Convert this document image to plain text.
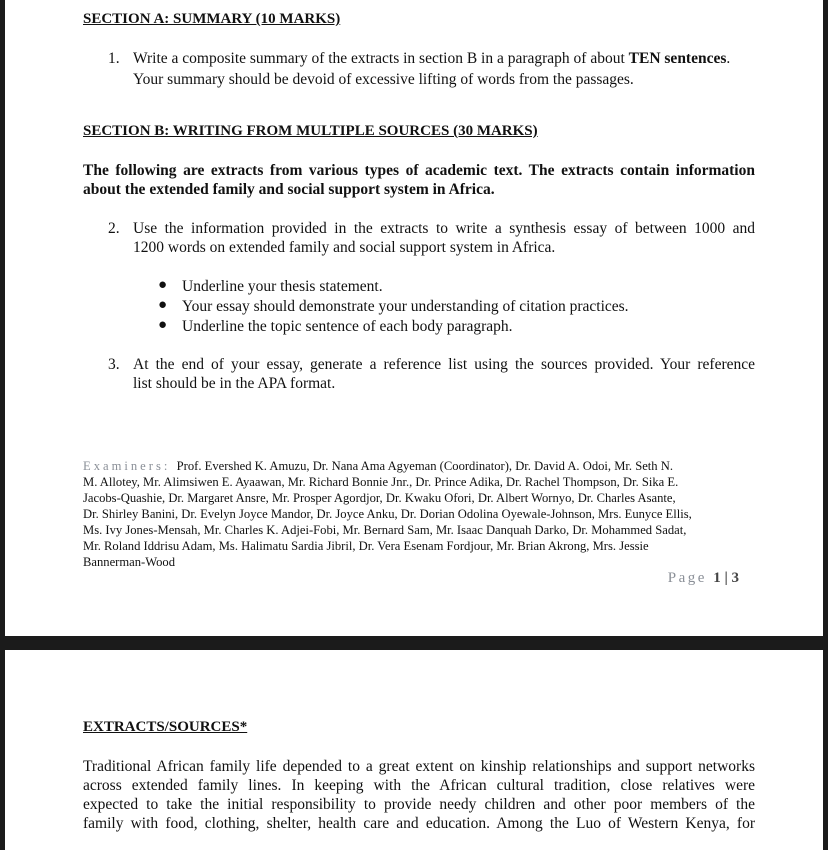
SECTION A: SUMMARY (10 MARKS)
1. Write a composite summary of the extracts in section B in a paragraph of about TEN sentences.
Your summary should be devoid of excessive lifting of words from the passages.
SECTION B: WRITING FROM MULTIPLE SOURCES (30 MARKS)
The following are extracts from various types of academic text. The extracts contain information
about the extended family and social support system in Africa.
2. Use the information provided in the extracts to write a synthesis essay of between 1000 and
1200 words on extended family and social support system in Africa.
● Underline your thesis statement.
● Your essay should demonstrate your understanding of citation practices.
● Underline the topic sentence of each body paragraph.
3. At the end of your essay, generate a reference list using the sources provided. Your reference
list should be in the APA format.
Examiners: Prof. Evershed K. Amuzu, Dr. Nana Ama Agyeman (Coordinator), Dr. David A. Odoi, Mr. Seth N.
M. Allotey, Mr. Alimsiwen E. Ayaawan, Mr. Richard Bonnie Jnr., Dr. Prince Adika, Dr. Rachel Thompson, Dr. Sika E.
Jacobs-Quashie, Dr. Margaret Ansre, Mr. Prosper Agordjor, Dr. Kwaku Ofori, Dr. Albert Wornyo, Dr. Charles Asante,
Dr. Shirley Banini, Dr. Evelyn Joyce Mandor, Dr. Joyce Anku, Dr. Dorian Odolina Oyewale-Johnson, Mrs. Eunyce Ellis,
Ms. Ivy Jones-Mensah, Mr. Charles K. Adjei-Fobi, Mr. Bernard Sam, Mr. Isaac Danquah Darko, Dr. Mohammed Sadat,
Mr. Roland Iddrisu Adam, Ms. Halimatu Sardia Jibril, Dr. Vera Esenam Fordjour, Mr. Brian Akrong, Mrs. Jessie
Bannerman-Wood
Page 1 | 3
EXTRACTS/SOURCES*
Traditional African family life depended to a great extent on kinship relationships and support networks
across extended family lines. In keeping with the African cultural tradition, close relatives were
expected to take the initial responsibility to provide needy children and other poor members of the
family with food, clothing, shelter, health care and education. Among the Luo of Western Kenya, for
